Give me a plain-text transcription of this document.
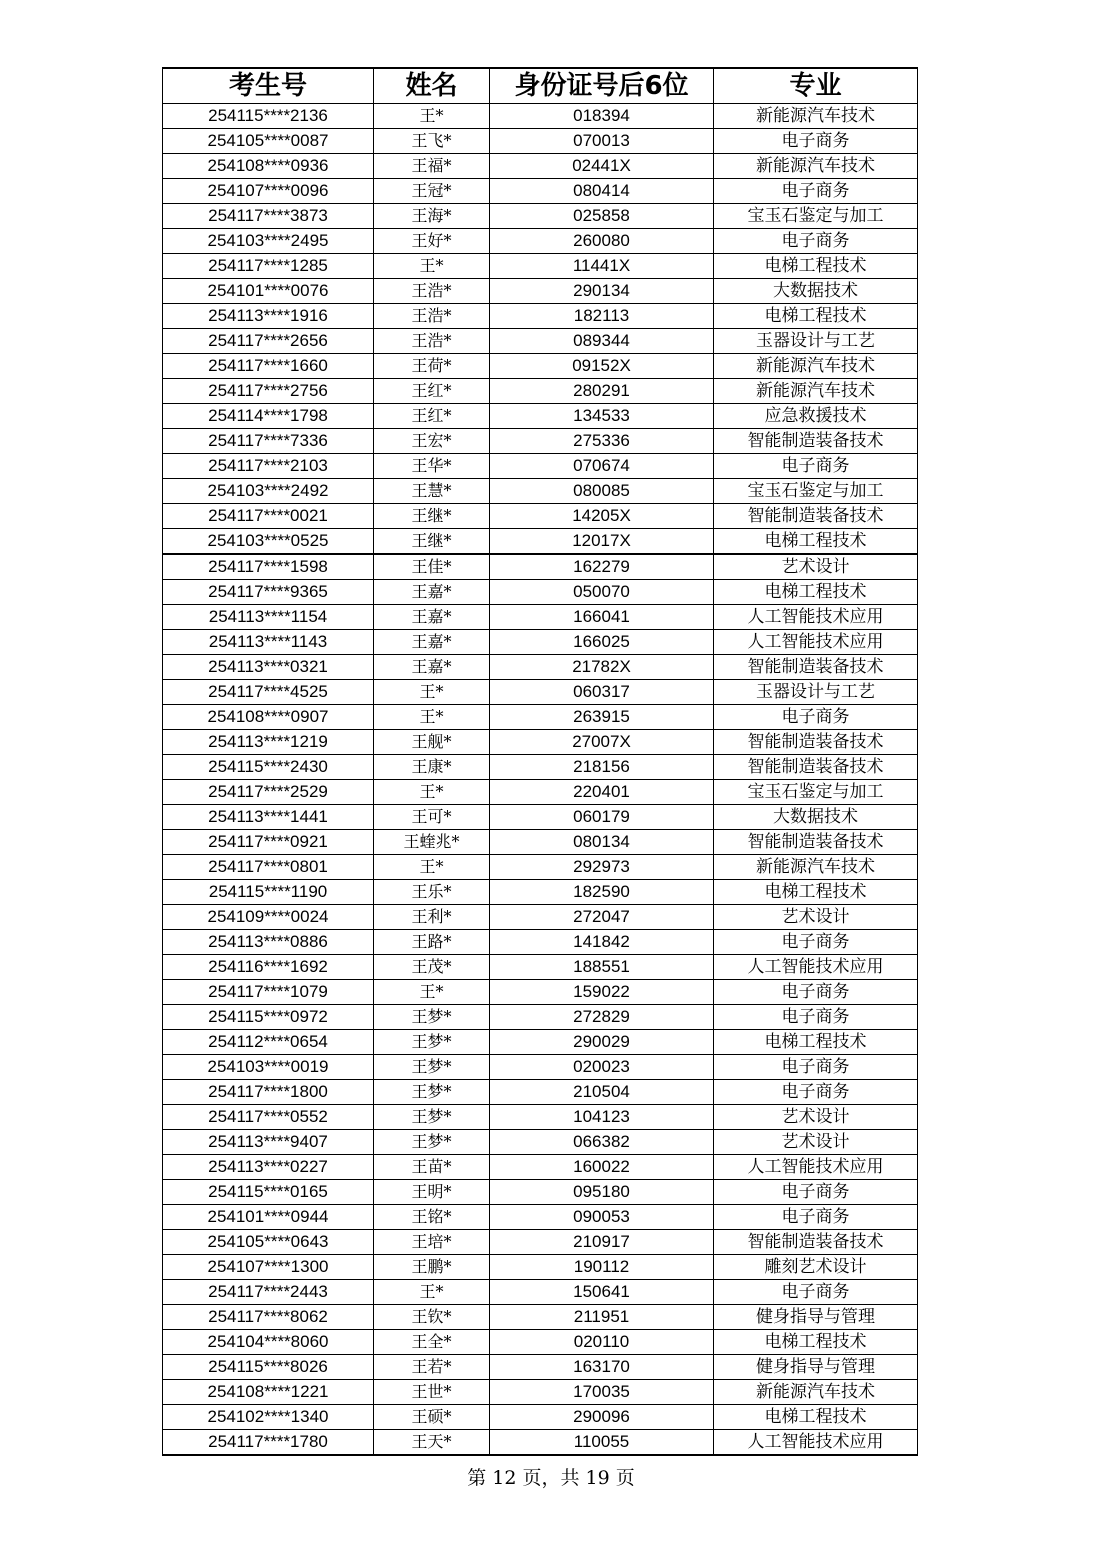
考生号	姓名	身份证号后6位	专业
254115****2136	王*	018394	新能源汽车技术
254105****0087	王飞*	070013	电子商务
254108****0936	王福*	02441X	新能源汽车技术
254107****0096	王冠*	080414	电子商务
254117****3873	王海*	025858	宝玉石鉴定与加工
254103****2495	王好*	260080	电子商务
254117****1285	王*	11441X	电梯工程技术
254101****0076	王浩*	290134	大数据技术
254113****1916	王浩*	182113	电梯工程技术
254117****2656	王浩*	089344	玉器设计与工艺
254117****1660	王荷*	09152X	新能源汽车技术
254117****2756	王红*	280291	新能源汽车技术
254114****1798	王红*	134533	应急救援技术
254117****7336	王宏*	275336	智能制造装备技术
254117****2103	王华*	070674	电子商务
254103****2492	王慧*	080085	宝玉石鉴定与加工
254117****0021	王继*	14205X	智能制造装备技术
254103****0525	王继*	12017X	电梯工程技术
254117****1598	王佳*	162279	艺术设计
254117****9365	王嘉*	050070	电梯工程技术
254113****1154	王嘉*	166041	人工智能技术应用
254113****1143	王嘉*	166025	人工智能技术应用
254113****0321	王嘉*	21782X	智能制造装备技术
254117****4525	王*	060317	玉器设计与工艺
254108****0907	王*	263915	电子商务
254113****1219	王舰*	27007X	智能制造装备技术
254115****2430	王康*	218156	智能制造装备技术
254117****2529	王*	220401	宝玉石鉴定与加工
254113****1441	王可*	060179	大数据技术
254117****0921	王蝰兆*	080134	智能制造装备技术
254117****0801	王*	292973	新能源汽车技术
254115****1190	王乐*	182590	电梯工程技术
254109****0024	王利*	272047	艺术设计
254113****0886	王路*	141842	电子商务
254116****1692	王茂*	188551	人工智能技术应用
254117****1079	王*	159022	电子商务
254115****0972	王梦*	272829	电子商务
254112****0654	王梦*	290029	电梯工程技术
254103****0019	王梦*	020023	电子商务
254117****1800	王梦*	210504	电子商务
254117****0552	王梦*	104123	艺术设计
254113****9407	王梦*	066382	艺术设计
254113****0227	王苗*	160022	人工智能技术应用
254115****0165	王明*	095180	电子商务
254101****0944	王铭*	090053	电子商务
254105****0643	王培*	210917	智能制造装备技术
254107****1300	王鹏*	190112	雕刻艺术设计
254117****2443	王*	150641	电子商务
254117****8062	王钦*	211951	健身指导与管理
254104****8060	王全*	020110	电梯工程技术
254115****8026	王若*	163170	健身指导与管理
254108****1221	王世*	170035	新能源汽车技术
254102****1340	王硕*	290096	电梯工程技术
254117****1780	王天*	110055	人工智能技术应用
第 12 页，共 19 页
